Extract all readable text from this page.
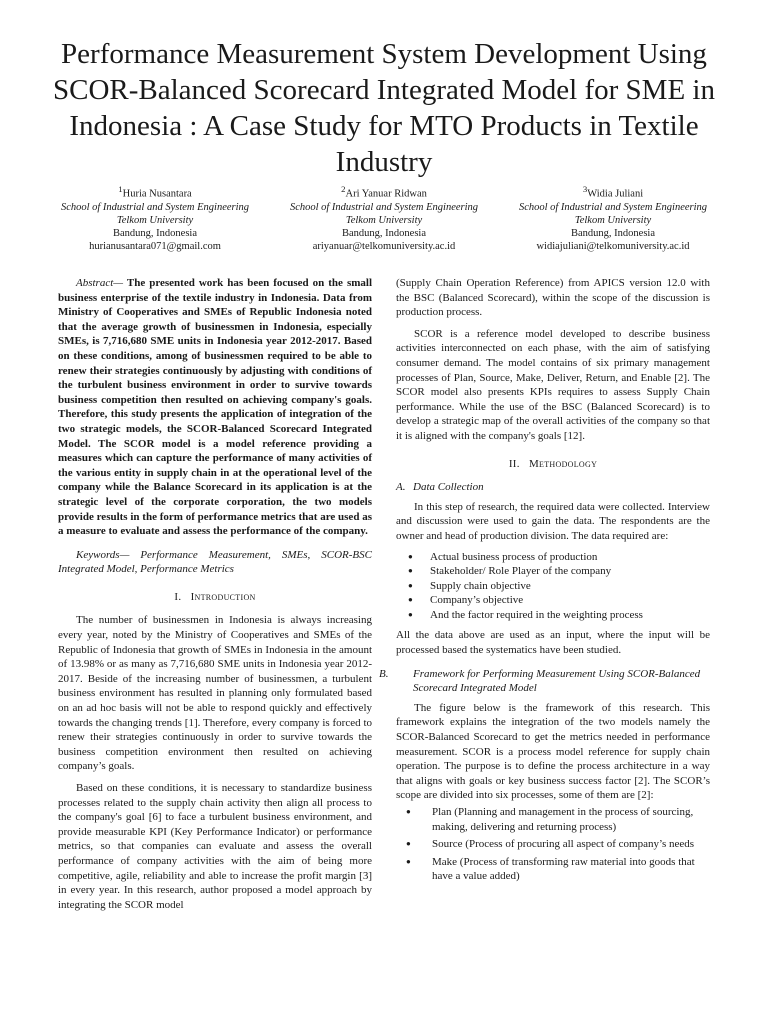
Performance Measurement System Development Using SCOR-Balanced Scorecard Integrated Model for SME in Indonesia : A Case Study for MTO Products in Textile Industry
$^1$Huria Nusantara
School of Industrial and System Engineering
Telkom University
Bandung, Indonesia
hurianusantara071@gmail.com
$^2$Ari Yanuar Ridwan
School of Industrial and System Engineering
Telkom University
Bandung, Indonesia
ariyanuar@telkomuniversity.ac.id
$^3$Widia Juliani
School of Industrial and System Engineering
Telkom University
Bandung, Indonesia
widiajuliani@telkomuniversity.ac.id

Abstract— The presented work has been focused on the small business enterprise of the textile industry in Indonesia. Data from Ministry of Cooperatives and SMEs of Republic Indonesia noted that the average growth of businessmen in Indonesia, especially SMEs, is 7,716,680 SME units in Indonesia year 2012-2017. Based on these conditions, among of businessmen required to be able to renew their strategies continuously by adjusting with conditions of the turbulent business environment in order to survive towards business competition then resulted on achieving company's goals. Therefore, this study presents the application of integration of the two strategic models, the SCOR-Balanced Scorecard Integrated Model. The SCOR model is a model reference providing a measures which can capture the performance of many activities of the various entity in supply chain in at the operational level of the company while the Balance Scorecard in its application is at the strategic level of the corporate corporation, the two models provide results in the form of performance metrics that are used as a measure to evaluate and assess the performance of the company.

Keywords— Performance Measurement, SMEs, SCOR-BSC Integrated Model, Performance Metrics

I. Introduction

The number of businessmen in Indonesia is always increasing every year, noted by the Ministry of Cooperatives and SMEs of the Republic of Indonesia that growth of SMEs in Indonesia in the amount of 13.98% or as many as 7,716,680 SME units in Indonesia year 2012-2017. Beside of the increasing number of businessmen, a turbulent business environment has resulted in planning only formulated based on an ad hoc basis will not be able to respond quickly and effectively towards the changing trends [1]. Therefore, every company is forced to renew their strategies continuously in order to survive towards the business competition environment then resulted on achieving company’s goals.

Based on these conditions, it is necessary to standardize business processes related to the supply chain activity then align all process to the company's goal [6] to face a turbulent business environment, and provide measurable KPI (Key Performance Indicator) or performance metrics, so that companies can evaluate and assess the overall performance of company activities with the aim of being more competitive, agile, reliability and able to increase the profit margin [3] in every year. In this research, author proposed a model approach by integrating the SCOR model

(Supply Chain Operation Reference) from APICS version 12.0 with the BSC (Balanced Scorecard), within the scope of the discussion is production process.

SCOR is a reference model developed to describe business activities interconnected on each phase, with the aim of satisfying consumer demand. The model contains of six primary management processes of Plan, Source, Make, Deliver, Return, and Enable [2]. The SCOR model also presents KPIs requires to assess Supply Chain performance. While the use of the BSC (Balanced Scorecard) is to develop a strategic map of the overall activities of the company so that it is aligned with the company's goals [12].

II. Methodology
A. Data Collection

In this step of research, the required data were collected. Interview and discussion were used to gain the data. The respondents are the owner and head of production division. The data required are:

● Actual business process of production
● Stakeholder/ Role Player of the company
● Supply chain objective
● Company’s objective
● And the factor required in the weighting process

All the data above are used as an input, where the input will be processed based the systematics have been studied.

B. Framework for Performing Measurement Using SCOR-Balanced Scorecard Integrated Model

The figure below is the framework of this research. This framework explains the integration of the two models namely the SCOR-Balanced Scorecard to get the metrics needed in performance measurement. SCOR is a process model reference for supply chain operation. The purpose is to define the process architecture in a way that aligns with goals or key business success factor [2]. The SCOR’s scope are divided into six processes, some of them are [2]:

● Plan (Planning and management in the process of sourcing, making, delivering and returning process)
● Source (Process of procuring all aspect of company’s needs
● Make (Process of transforming raw material into goods that have a value added)
